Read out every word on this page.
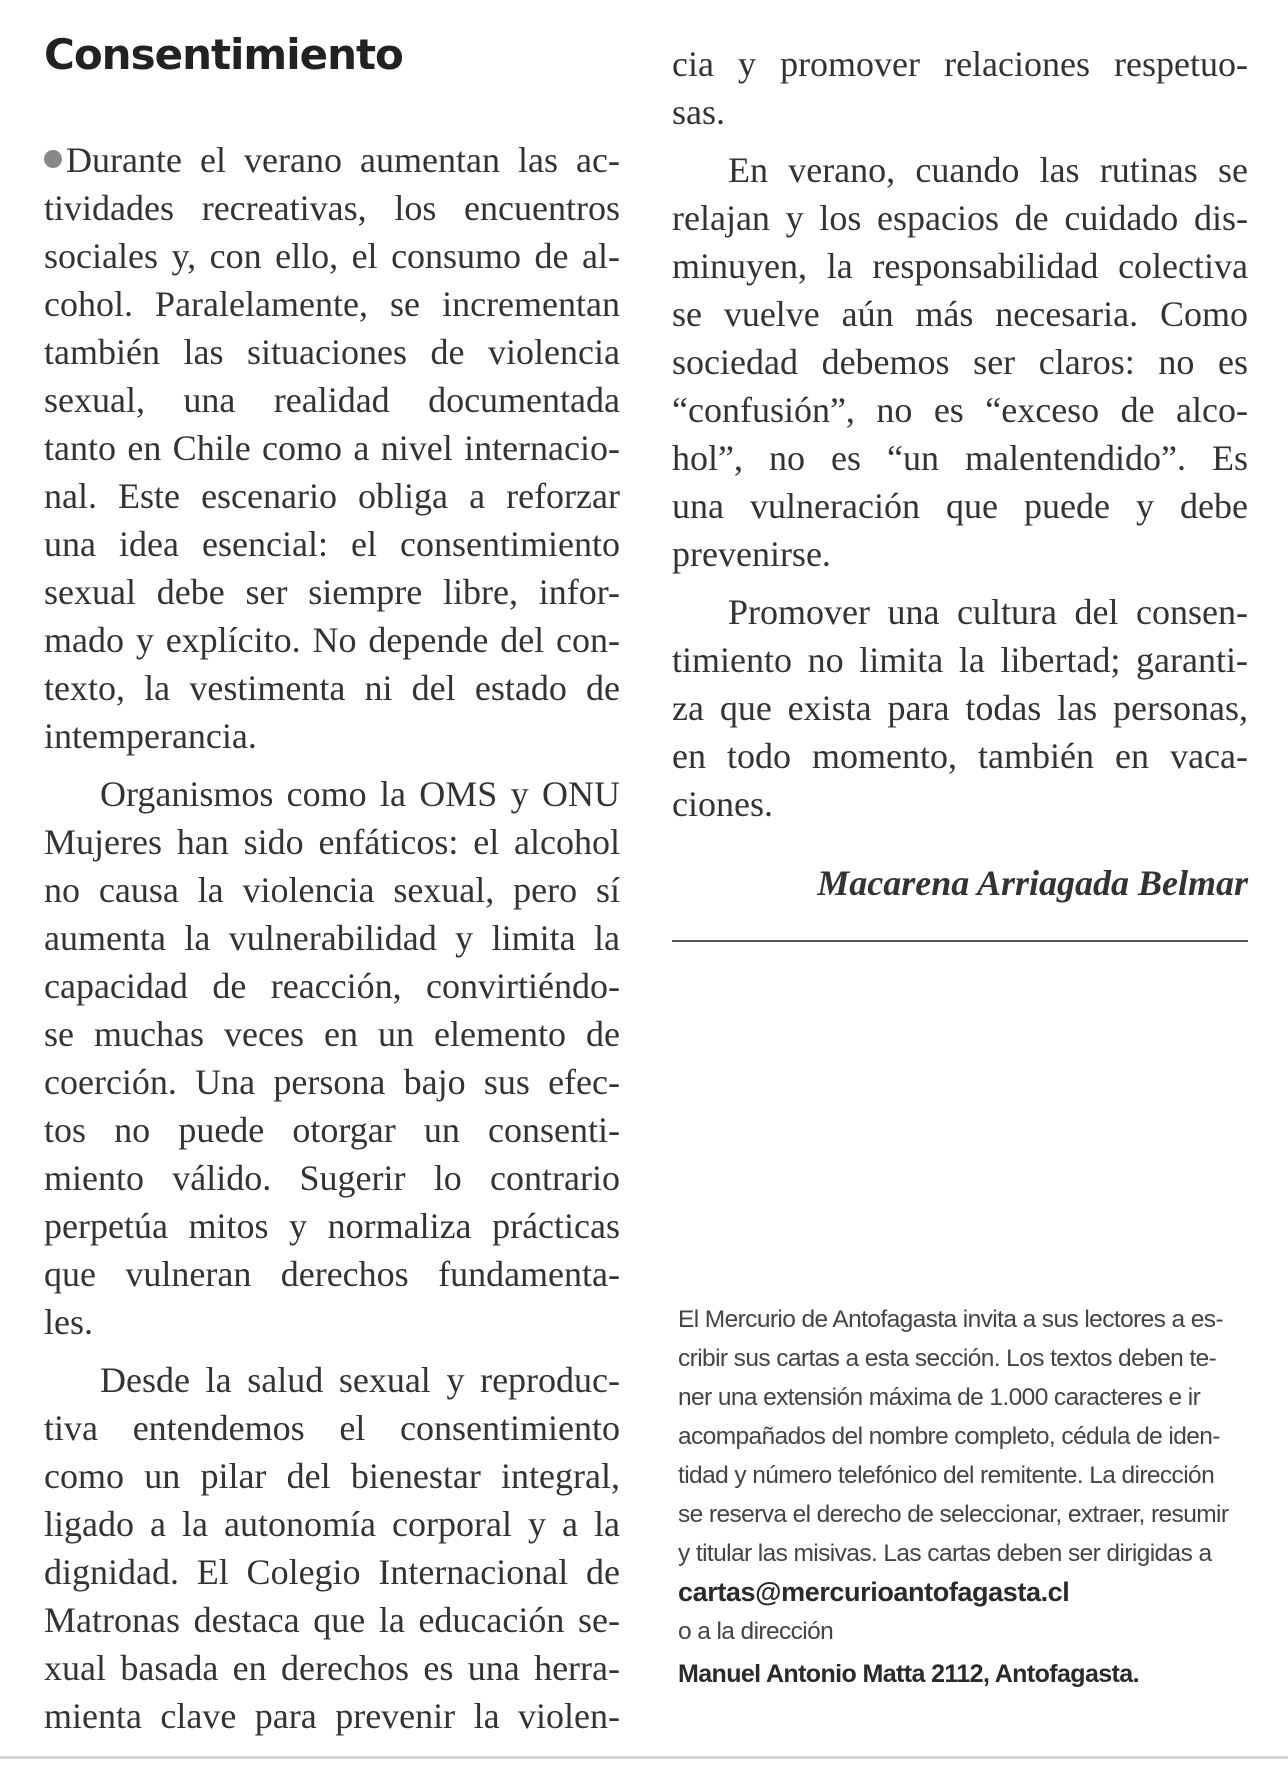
Consentimiento
Durante el verano aumentan las ac-
tividades recreativas, los encuentros
sociales y, con ello, el consumo de al-
cohol. Paralelamente, se incrementan
también las situaciones de violencia
sexual, una realidad documentada
tanto en Chile como a nivel internacio-
nal. Este escenario obliga a reforzar
una idea esencial: el consentimiento
sexual debe ser siempre libre, infor-
mado y explícito. No depende del con-
texto, la vestimenta ni del estado de
intemperancia.
Organismos como la OMS y ONU
Mujeres han sido enfáticos: el alcohol
no causa la violencia sexual, pero sí
aumenta la vulnerabilidad y limita la
capacidad de reacción, convirtiéndo-
se muchas veces en un elemento de
coerción. Una persona bajo sus efec-
tos no puede otorgar un consenti-
miento válido. Sugerir lo contrario
perpetúa mitos y normaliza prácticas
que vulneran derechos fundamenta-
les.
Desde la salud sexual y reproduc-
tiva entendemos el consentimiento
como un pilar del bienestar integral,
ligado a la autonomía corporal y a la
dignidad. El Colegio Internacional de
Matronas destaca que la educación se-
xual basada en derechos es una herra-
mienta clave para prevenir la violen-
cia y promover relaciones respetuo-
sas.
En verano, cuando las rutinas se
relajan y los espacios de cuidado dis-
minuyen, la responsabilidad colectiva
se vuelve aún más necesaria. Como
sociedad debemos ser claros: no es
“confusión”, no es “exceso de alco-
hol”, no es “un malentendido”. Es
una vulneración que puede y debe
prevenirse.
Promover una cultura del consen-
timiento no limita la libertad; garanti-
za que exista para todas las personas,
en todo momento, también en vaca-
ciones.
Macarena Arriagada Belmar
El Mercurio de Antofagasta invita a sus lectores a es-
cribir sus cartas a esta sección. Los textos deben te-
ner una extensión máxima de 1.000 caracteres e ir
acompañados del nombre completo, cédula de iden-
tidad y número telefónico del remitente. La dirección
se reserva el derecho de seleccionar, extraer, resumir
y titular las misivas. Las cartas deben ser dirigidas a
cartas@mercurioantofagasta.cl
o a la dirección
Manuel Antonio Matta 2112, Antofagasta.
